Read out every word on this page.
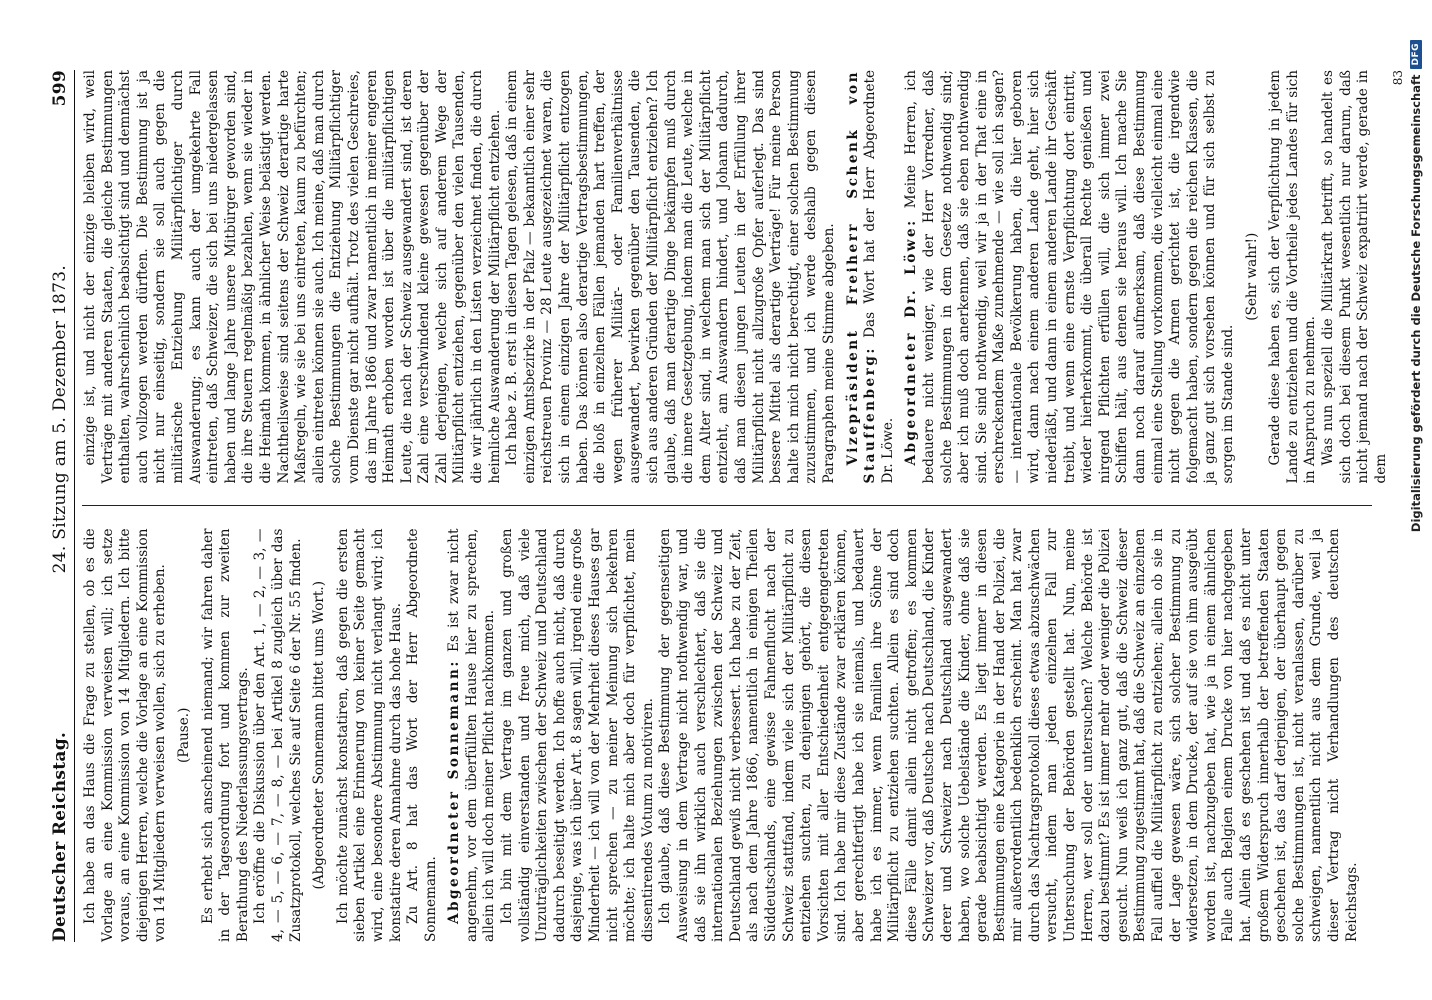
Deutscher Reichstag.
24. Sitzung am 5. Dezember 1873.
599

Ich habe an das Haus die Frage zu stellen, ob es die Vorlage an eine Kommission verweisen will; ich setze voraus, an eine Kommission von 14 Mitgliedern. Ich bitte diejenigen Herren, welche die Vorlage an eine Kommission von 14 Mitgliedern verweisen wollen, sich zu erheben. (Pause.) Es erhebt sich anscheinend niemand; wir fahren daher in der Tagesordnung fort und kommen zur zweiten Berathung des Niederlassungsvertrags. Ich eröffne die Diskussion über den Art. 1, — 2, — 3, — 4, — 5, — 6, — 7, — 8, — bei Artikel 8 zugleich über das Zusatzprotokoll, welches Sie auf Seite 6 der Nr. 55 finden. (Abgeordneter Sonnemann bittet ums Wort.) Ich möchte zunächst konstatiren, daß gegen die ersten sieben Artikel eine Erinnerung von keiner Seite gemacht wird, eine besondere Abstimmung nicht verlangt wird; ich konstatire deren Annahme durch das hohe Haus. Zu Art. 8 hat das Wort der Herr Abgeordnete Sonnemann. Abgeordneter Sonnemann: Es ist zwar nicht angenehm, vor dem überfüllten Hause hier zu sprechen, allein ich will doch meiner Pflicht nachkommen. Ich bin mit dem Vertrage im ganzen und großen vollständig einverstanden und freue mich, daß viele Unzuträglichkeiten zwischen der Schweiz und Deutschland dadurch beseitigt werden. Ich hoffe auch nicht, daß durch dasjenige, was ich über Art. 8 sagen will, irgend eine große Minderheit — ich will von der Mehrheit dieses Hauses gar nicht sprechen — zu meiner Meinung sich bekehren möchte; ich halte mich aber doch für verpflichtet, mein dissentirendes Votum zu motiviren. Ich glaube, daß diese Bestimmung der gegenseitigen Ausweisung in dem Vertrage nicht nothwendig war, und daß sie ihn wirklich auch verschlechtert, daß sie die internationalen Beziehungen zwischen der Schweiz und Deutschland gewiß nicht verbessert. Ich habe zu der Zeit, als nach dem Jahre 1866, namentlich in einigen Theilen Süddeutschlands, eine gewisse Fahnenflucht nach der Schweiz stattfand, indem viele sich der Militärpflicht zu entziehen suchten, zu denjenigen gehört, die diesen Vorsichten mit aller Entschiedenheit entgegengetreten sind. Ich habe mir diese Zustände zwar erklären können, aber gerechtfertigt habe ich sie niemals, und bedauert habe ich es immer, wenn Familien ihre Söhne der Militärpflicht zu entziehen suchten. Allein es sind doch diese Fälle damit allein nicht getroffen; es kommen Schweizer vor, daß Deutsche nach Deutschland, die Kinder derer und Schweizer nach Deutschland ausgewandert haben, wo solche Uebelstände die Kinder, ohne daß sie gerade beabsichtigt werden. Es liegt immer in diesen Bestimmungen eine Kategorie in der Hand der Polizei, die mir außerordentlich bedenklich erscheint. Man hat zwar durch das Nachtragsprotokoll dieses etwas abzuschwächen versucht, indem man jeden einzelnen Fall zur Untersuchung der Behörden gestellt hat. Nun, meine Herren, wer soll oder untersuchen? Welche Behörde ist dazu bestimmt? Es ist immer mehr oder weniger die Polizei gesucht. Nun weiß ich ganz gut, daß die Schweiz dieser Bestimmung zugestimmt hat, daß die Schweiz an einzelnen Fall auffiel die Militärpflicht zu entziehen; allein ob sie in der Lage gewesen wäre, sich solcher Bestimmung zu widersetzen, in dem Drucke, der auf sie von ihm ausgeübt worden ist, nachzugeben hat, wie ja in einem ähnlichen Falle auch Belgien einem Drucke von hier nachgegeben hat. Allein daß es geschehen ist und daß es nicht unter großem Widerspruch innerhalb der betreffenden Staaten geschehen ist, das darf derjenigen, der überhaupt gegen solche Bestimmungen ist, nicht veranlassen, darüber zu schweigen, namentlich nicht aus dem Grunde, weil ja dieser Vertrag nicht Verhandlungen des deutschen Reichstags.

einzige ist, und nicht der einzige bleiben wird, weil Verträge mit anderen Staaten, die gleiche Bestimmungen enthalten, wahrscheinlich beabsichtigt sind und demnächst auch vollzogen werden dürften. Die Bestimmung ist ja nicht nur einseitig, sondern sie soll auch gegen die militärische Entziehung Militärpflichtiger durch Auswanderung; es kann auch der umgekehrte Fall eintreten, daß Schweizer, die sich bei uns niedergelassen haben und lange Jahre unsere Mitbürger geworden sind, die ihre Steuern regelmäßig bezahlen, wenn sie wieder in die Heimath kommen, in ähnlicher Weise belästigt werden. Nachtheilsweise sind seitens der Schweiz derartige harte Maßregeln, wie sie bei uns eintreten, kaum zu befürchten; allein eintreten können sie auch. Ich meine, daß man durch solche Bestimmungen die Entziehung Militärpflichtiger vom Dienste gar nicht aufhält. Trotz des vielen Geschreies, das im Jahre 1866 und zwar namentlich in meiner engeren Heimath erhoben worden ist über die militärpflichtigen Leute, die nach der Schweiz ausgewandert sind, ist deren Zahl eine verschwindend kleine gewesen gegenüber der Zahl derjenigen, welche sich auf anderem Wege der Militärpflicht entziehen, gegenüber den vielen Tausenden, die wir jährlich in den Listen verzeichnet finden, die durch heimliche Auswanderung der Militärpflicht entziehen. Ich habe z. B. erst in diesen Tagen gelesen, daß in einem einzigen Amtsbezirke in der Pfalz — bekanntlich einer sehr reichstreuen Provinz — 28 Leute ausgezeichnet waren, die sich in einem einzigen Jahre der Militärpflicht entzogen haben. Das können also derartige Vertragsbestimmungen, die bloß in einzelnen Fällen jemanden hart treffen, der wegen früherer Militär- oder Familienverhältnisse ausgewandert, bewirken gegenüber den Tausenden, die sich aus anderen Gründen der Militärpflicht entziehen? Ich glaube, daß man derartige Dinge bekämpfen muß durch die innere Gesetzgebung, indem man die Leute, welche in dem Alter sind, in welchem man sich der Militärpflicht entzieht, am Auswandern hindert, und Johann dadurch, daß man diesen jungen Leuten in der Erfüllung ihrer Militärpflicht nicht allzugroße Opfer auferlegt. Das sind bessere Mittel als derartige Verträge! Für meine Person halte ich mich nicht berechtigt, einer solchen Bestimmung zuzustimmen, und ich werde deshalb gegen diesen Paragraphen meine Stimme abgeben. Vizepräsident Freiherr Schenk von Stauffenberg: Das Wort hat der Herr Abgeordnete Dr. Löwe. Abgeordneter Dr. Löwe: Meine Herren, ich bedauere nicht weniger, wie der Herr Vorredner, daß solche Bestimmungen in dem Gesetze nothwendig sind; aber ich muß doch anerkennen, daß sie eben nothwendig sind. Sie sind nothwendig, weil wir ja in der That eine in erschreckendem Maße zunehmende — wie soll ich sagen? — internationale Bevölkerung haben, die hier geboren wird, dann nach einem anderen Lande geht, hier sich niederläßt, und dann in einem anderen Lande ihr Geschäft treibt, und wenn eine ernste Verpflichtung dort eintritt, wieder hierherkommt, die überall Rechte genießen und nirgend Pflichten erfüllen will, die sich immer zwei Schiffen hält, aus denen sie heraus will. Ich mache Sie dann noch darauf aufmerksam, daß diese Bestimmung einmal eine Stellung vorkommen, die vielleicht einmal eine nicht gegen die Armen gerichtet ist, die irgendwie folgemacht haben, sondern gegen die reichen Klassen, die ja ganz gut sich vorsehen können und für sich selbst zu sorgen im Stande sind.

(Sehr wahr!) Gerade diese haben es, sich der Verpflichtung in jedem Lande zu entziehen und die Vortheile jedes Landes für sich in Anspruch zu nehmen. Was nun speziell die Militärkraft betrifft, so handelt es sich doch bei diesem Punkt wesentlich nur darum, daß nicht jemand nach der Schweiz expatriirt werde, gerade in dem

83 Digitalisierung gefördert durch die Deutsche Forschungsgemeinschaft
DFG
